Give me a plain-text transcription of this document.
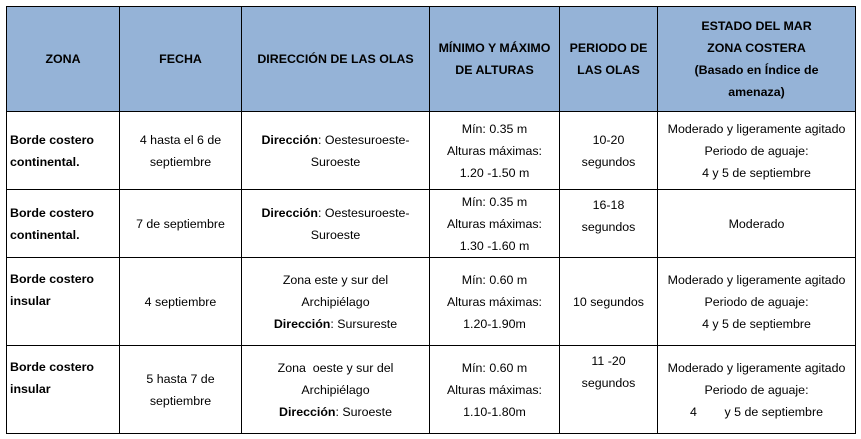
ZONA	FECHA	DIRECCIÓN DE LAS OLAS	MÍNIMO Y MÁXIMO
DE ALTURAS	PERIODO DE
LAS OLAS	ESTADO DEL MAR
ZONA COSTERA
(Basado en Índice de
amenaza)

Borde costero
continental.	4 hasta el 6 de
septiembre	Dirección: Oestesuroeste-
Suroeste	Mín: 0.35 m
Alturas máximas:
1.20 -1.50 m	10-20
segundos	Moderado y ligeramente agitado
Periodo de aguaje:
4 y 5 de septiembre

Borde costero
continental.	7 de septiembre	Dirección: Oestesuroeste-
Suroeste	Mín: 0.35 m
Alturas máximas:
1.30 -1.60 m	16-18
segundos	Moderado

Borde costero
insular	4 septiembre	Zona este y sur del
Archipiélago
Dirección: Sursureste	Mín: 0.60 m
Alturas máximas:
1.20-1.90m	10 segundos	Moderado y ligeramente agitado
Periodo de aguaje:
4 y 5 de septiembre

Borde costero
insular	5 hasta 7 de
septiembre	Zona  oeste y sur del
Archipiélago
Dirección: Suroeste	Mín: 0.60 m
Alturas máximas:
1.10-1.80m	11 -20
segundos	Moderado y ligeramente agitado
Periodo de aguaje:
4 y 5 de septiembre
